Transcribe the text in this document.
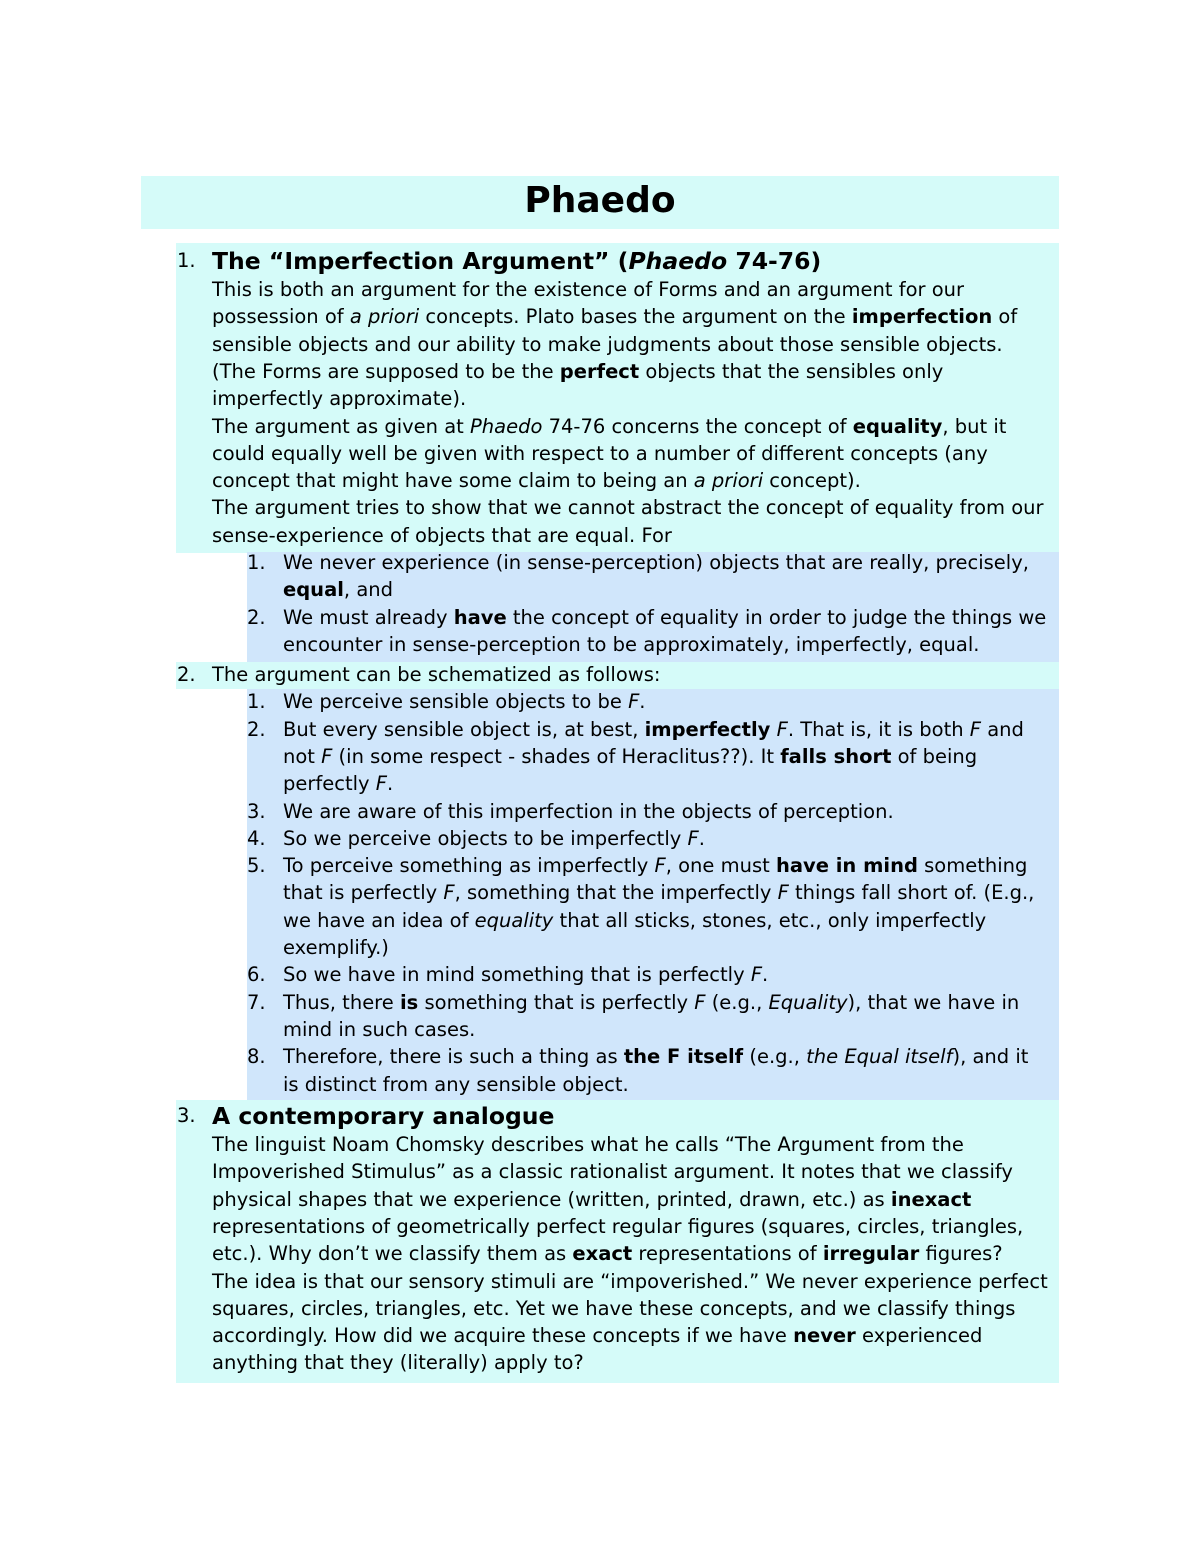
Phaedo
1. The “Imperfection Argument” (Phaedo 74-76)
This is both an argument for the existence of Forms and an argument for our
possession of a priori concepts. Plato bases the argument on the imperfection of
sensible objects and our ability to make judgments about those sensible objects.
(The Forms are supposed to be the perfect objects that the sensibles only
imperfectly approximate).
The argument as given at Phaedo 74-76 concerns the concept of equality, but it
could equally well be given with respect to a number of different concepts (any
concept that might have some claim to being an a priori concept).
The argument tries to show that we cannot abstract the concept of equality from our
sense-experience of objects that are equal. For
1. We never experience (in sense-perception) objects that are really, precisely,
equal, and
2. We must already have the concept of equality in order to judge the things we
encounter in sense-perception to be approximately, imperfectly, equal.
2. The argument can be schematized as follows:
1. We perceive sensible objects to be F.
2. But every sensible object is, at best, imperfectly F. That is, it is both F and
not F (in some respect - shades of Heraclitus??). It falls short of being
perfectly F.
3. We are aware of this imperfection in the objects of perception.
4. So we perceive objects to be imperfectly F.
5. To perceive something as imperfectly F, one must have in mind something
that is perfectly F, something that the imperfectly F things fall short of. (E.g.,
we have an idea of equality that all sticks, stones, etc., only imperfectly
exemplify.)
6. So we have in mind something that is perfectly F.
7. Thus, there is something that is perfectly F (e.g., Equality), that we have in
mind in such cases.
8. Therefore, there is such a thing as the F itself (e.g., the Equal itself), and it
is distinct from any sensible object.
3. A contemporary analogue
The linguist Noam Chomsky describes what he calls “The Argument from the
Impoverished Stimulus” as a classic rationalist argument. It notes that we classify
physical shapes that we experience (written, printed, drawn, etc.) as inexact
representations of geometrically perfect regular figures (squares, circles, triangles,
etc.). Why don’t we classify them as exact representations of irregular figures?
The idea is that our sensory stimuli are “impoverished.” We never experience perfect
squares, circles, triangles, etc. Yet we have these concepts, and we classify things
accordingly. How did we acquire these concepts if we have never experienced
anything that they (literally) apply to?
